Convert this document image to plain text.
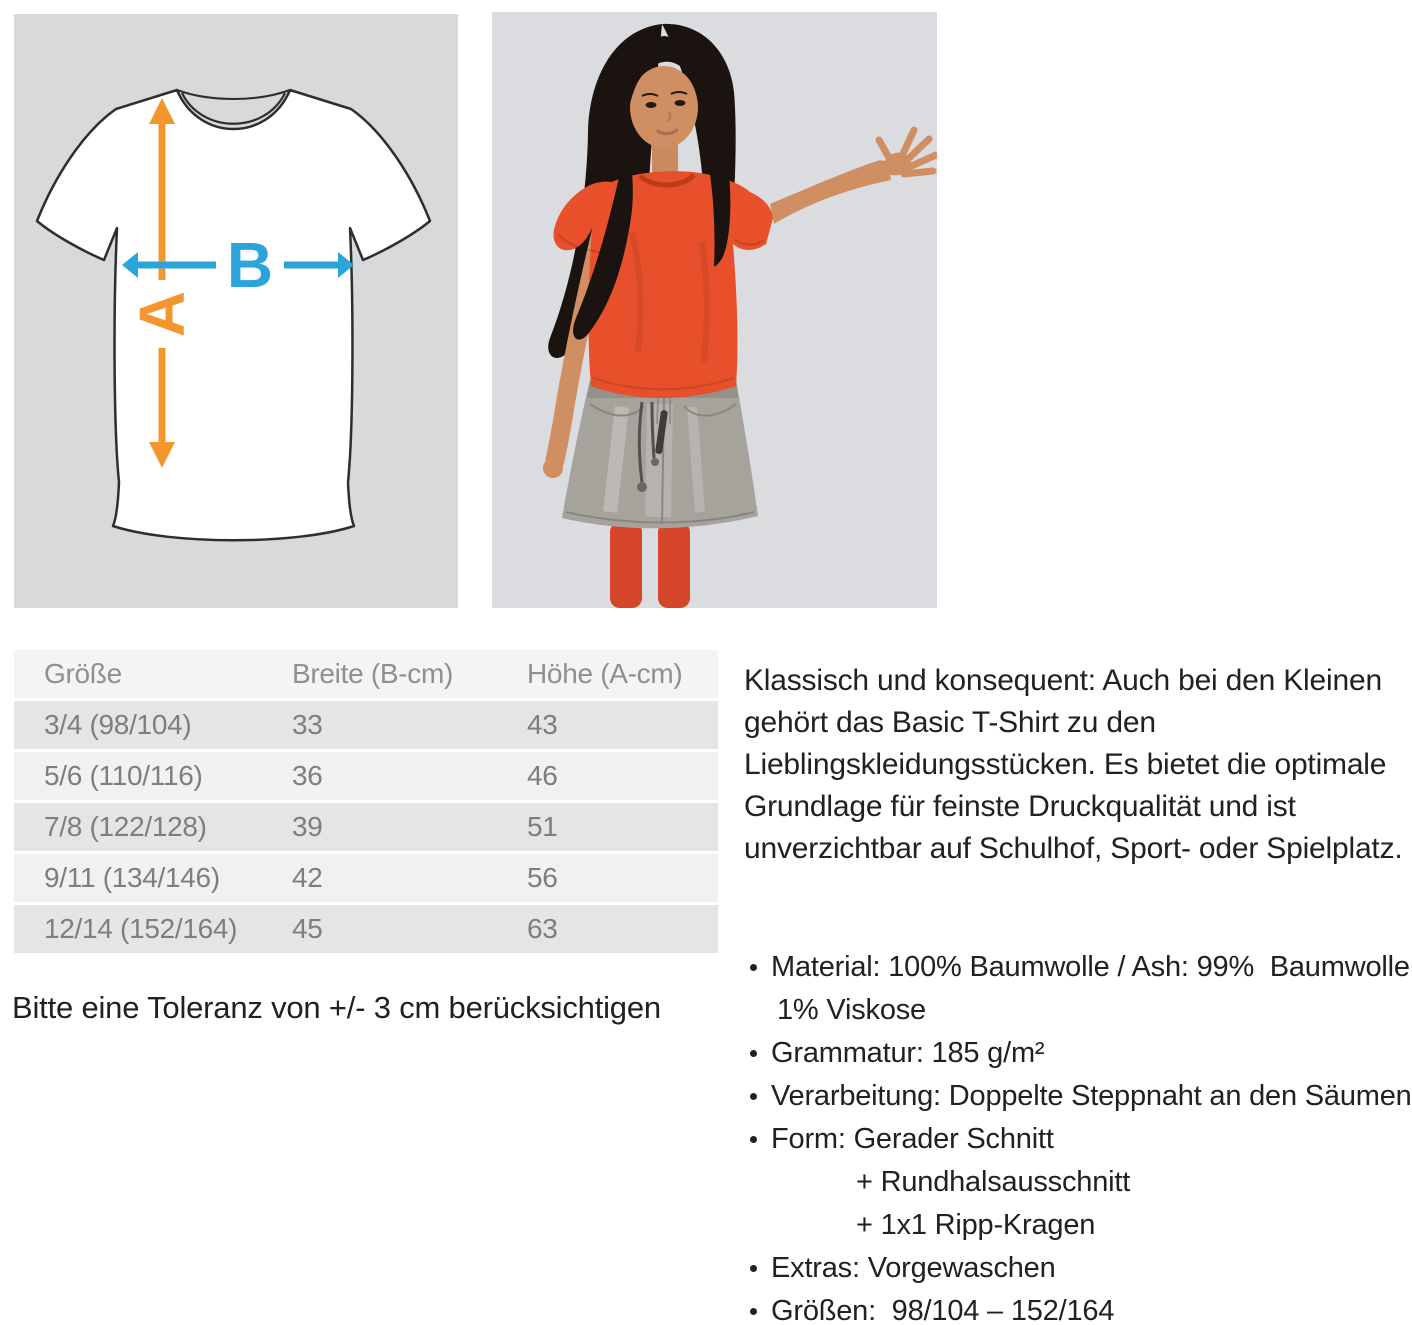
A
B
Größe	Breite (B-cm)	Höhe (A-cm)
3/4 (98/104)	33	43
5/6 (110/116)	36	46
7/8 (122/128)	39	51
9/11 (134/146)	42	56
12/14 (152/164)	45	63
Bitte eine Toleranz von +/- 3 cm berücksichtigen
Klassisch und konsequent: Auch bei den Kleinen gehört das Basic T-Shirt zu den Lieblingskleidungsstücken. Es bietet die optimale Grundlage für feinste Druckqualität und ist unverzichtbar auf Schulhof, Sport- oder Spielplatz.
Material: 100% Baumwolle / Ash: 99%  Baumwolle
1% Viskose
Grammatur: 185 g/m²
Verarbeitung: Doppelte Steppnaht an den Säumen
Form: Gerader Schnitt
+ Rundhalsausschnitt
+ 1x1 Ripp-Kragen
Extras: Vorgewaschen
Größen:  98/104 – 152/164
